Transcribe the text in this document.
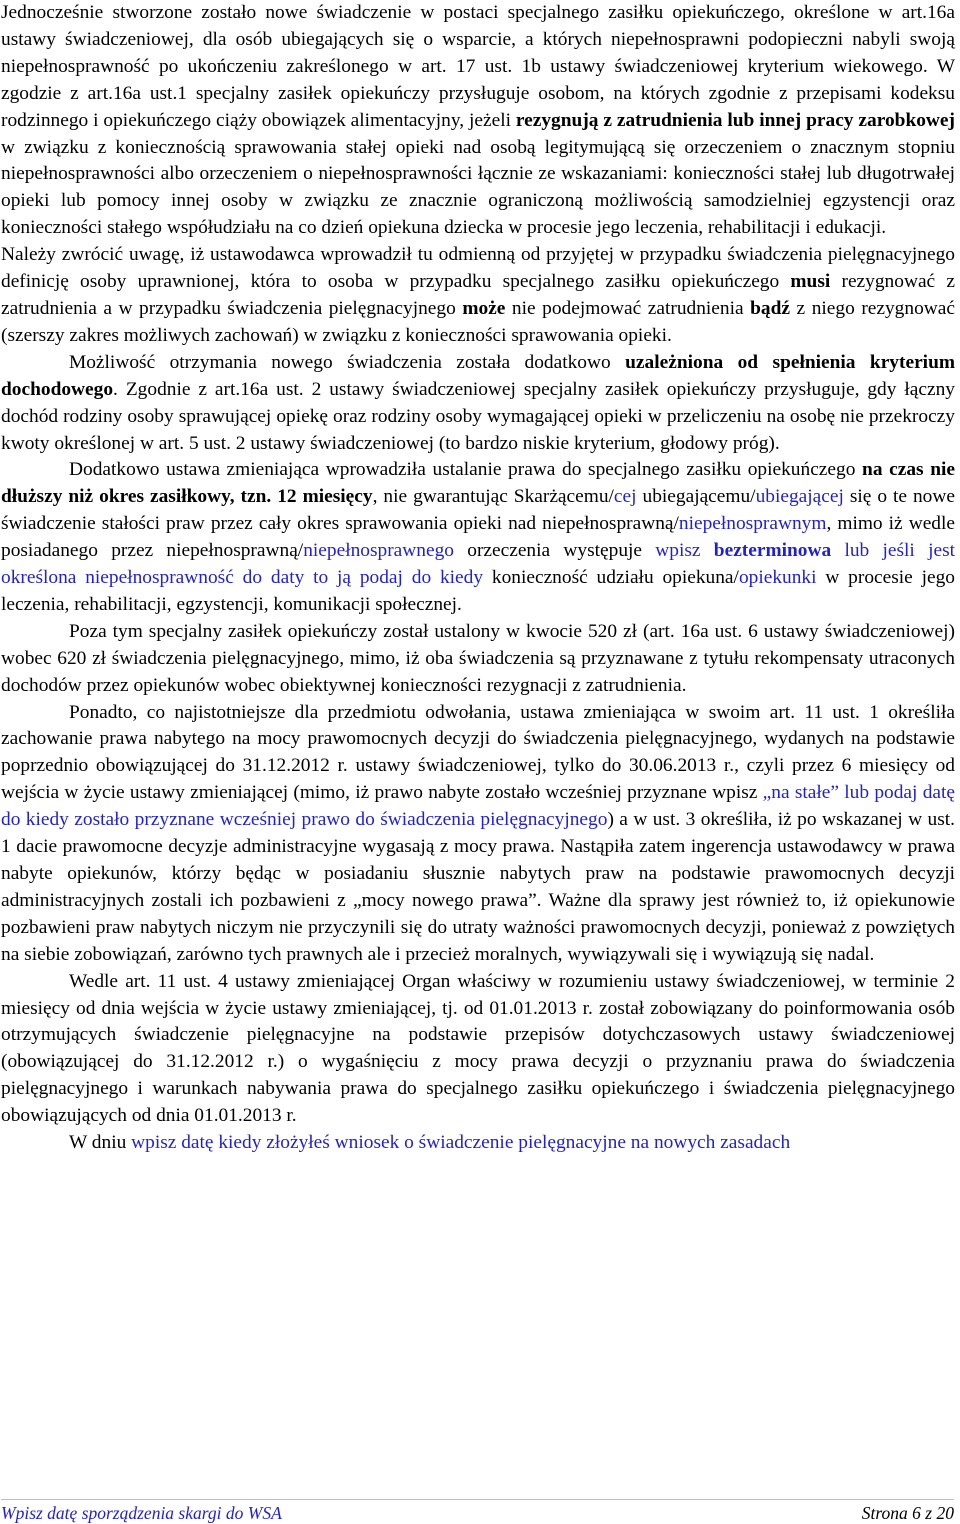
Jednocześnie stworzone zostało nowe świadczenie w postaci specjalnego zasiłku opiekuńczego, określone w art.16a ustawy świadczeniowej, dla osób ubiegających się o wsparcie, a których niepełnosprawni podopieczni nabyli swoją niepełnosprawność po ukończeniu zakreślonego w art. 17 ust. 1b ustawy świadczeniowej kryterium wiekowego. W zgodzie z art.16a ust.1 specjalny zasiłek opiekuńczy przysługuje osobom, na których zgodnie z przepisami kodeksu rodzinnego i opiekuńczego ciąży obowiązek alimentacyjny, jeżeli rezygnują z zatrudnienia lub innej pracy zarobkowej w związku z koniecznością sprawowania stałej opieki nad osobą legitymującą się orzeczeniem o znacznym stopniu niepełnosprawności albo orzeczeniem o niepełnosprawności łącznie ze wskazaniami: konieczności stałej lub długotrwałej opieki lub pomocy innej osoby w związku ze znacznie ograniczoną możliwością samodzielniej egzystencji oraz konieczności stałego współudziału na co dzień opiekuna dziecka w procesie jego leczenia, rehabilitacji i edukacji.

Należy zwrócić uwagę, iż ustawodawca wprowadził tu odmienną od przyjętej w przypadku świadczenia pielęgnacyjnego definicję osoby uprawnionej, która to osoba w przypadku specjalnego zasiłku opiekuńczego musi rezygnować z zatrudnienia a w przypadku świadczenia pielęgnacyjnego może nie podejmować zatrudnienia bądź z niego rezygnować (szerszy zakres możliwych zachowań) w związku z konieczności sprawowania opieki.

Możliwość otrzymania nowego świadczenia została dodatkowo uzależniona od spełnienia kryterium dochodowego. Zgodnie z art.16a ust. 2 ustawy świadczeniowej specjalny zasiłek opiekuńczy przysługuje, gdy łączny dochód rodziny osoby sprawującej opiekę oraz rodziny osoby wymagającej opieki w przeliczeniu na osobę nie przekroczy kwoty określonej w art. 5 ust. 2 ustawy świadczeniowej (to bardzo niskie kryterium, głodowy próg).

Dodatkowo ustawa zmieniająca wprowadziła ustalanie prawa do specjalnego zasiłku opiekuńczego na czas nie dłuższy niż okres zasiłkowy, tzn. 12 miesięcy, nie gwarantując Skarżącemu/cej ubiegającemu/ubiegającej się o te nowe świadczenie stałości praw przez cały okres sprawowania opieki nad niepełnosprawną/niepełnosprawnym, mimo iż wedle posiadanego przez niepełnosprawną/niepełnosprawnego orzeczenia występuje wpisz bezterminowa lub jeśli jest określona niepełnosprawność do daty to ją podaj do kiedy konieczność udziału opiekuna/opiekunki w procesie jego leczenia, rehabilitacji, egzystencji, komunikacji społecznej.

Poza tym specjalny zasiłek opiekuńczy został ustalony w kwocie 520 zł (art. 16a ust. 6 ustawy świadczeniowej) wobec 620 zł świadczenia pielęgnacyjnego, mimo, iż oba świadczenia są przyznawane z tytułu rekompensaty utraconych dochodów przez opiekunów wobec obiektywnej konieczności rezygnacji z zatrudnienia.

Ponadto, co najistotniejsze dla przedmiotu odwołania, ustawa zmieniająca w swoim art. 11 ust. 1 określiła zachowanie prawa nabytego na mocy prawomocnych decyzji do świadczenia pielęgnacyjnego, wydanych na podstawie poprzednio obowiązującej do 31.12.2012 r. ustawy świadczeniowej, tylko do 30.06.2013 r., czyli przez 6 miesięcy od wejścia w życie ustawy zmieniającej (mimo, iż prawo nabyte zostało wcześniej przyznane wpisz „na stałe” lub podaj datę do kiedy zostało przyznane wcześniej prawo do świadczenia pielęgnacyjnego) a w ust. 3 określiła, iż po wskazanej w ust. 1 dacie prawomocne decyzje administracyjne wygasają z mocy prawa. Nastąpiła zatem ingerencja ustawodawcy w prawa nabyte opiekunów, którzy będąc w posiadaniu słusznie nabytych praw na podstawie prawomocnych decyzji administracyjnych zostali ich pozbawieni z „mocy nowego prawa”. Ważne dla sprawy jest również to, iż opiekunowie pozbawieni praw nabytych niczym nie przyczynili się do utraty ważności prawomocnych decyzji, ponieważ z powziętych na siebie zobowiązań, zarówno tych prawnych ale i przecież moralnych, wywiązywali się i wywiązują się nadal.

Wedle art. 11 ust. 4 ustawy zmieniającej Organ właściwy w rozumieniu ustawy świadczeniowej, w terminie 2 miesięcy od dnia wejścia w życie ustawy zmieniającej, tj. od 01.01.2013 r. został zobowiązany do poinformowania osób otrzymujących świadczenie pielęgnacyjne na podstawie przepisów dotychczasowych ustawy świadczeniowej (obowiązującej do 31.12.2012 r.) o wygaśnięciu z mocy prawa decyzji o przyznaniu prawa do świadczenia pielęgnacyjnego i warunkach nabywania prawa do specjalnego zasiłku opiekuńczego i świadczenia pielęgnacyjnego obowiązujących od dnia 01.01.2013 r.

W dniu wpisz datę kiedy złożyłeś wniosek o świadczenie pielęgnacyjne na nowych zasadach

Wpisz datę sporządzenia skargi do WSA	Strona 6 z 20
